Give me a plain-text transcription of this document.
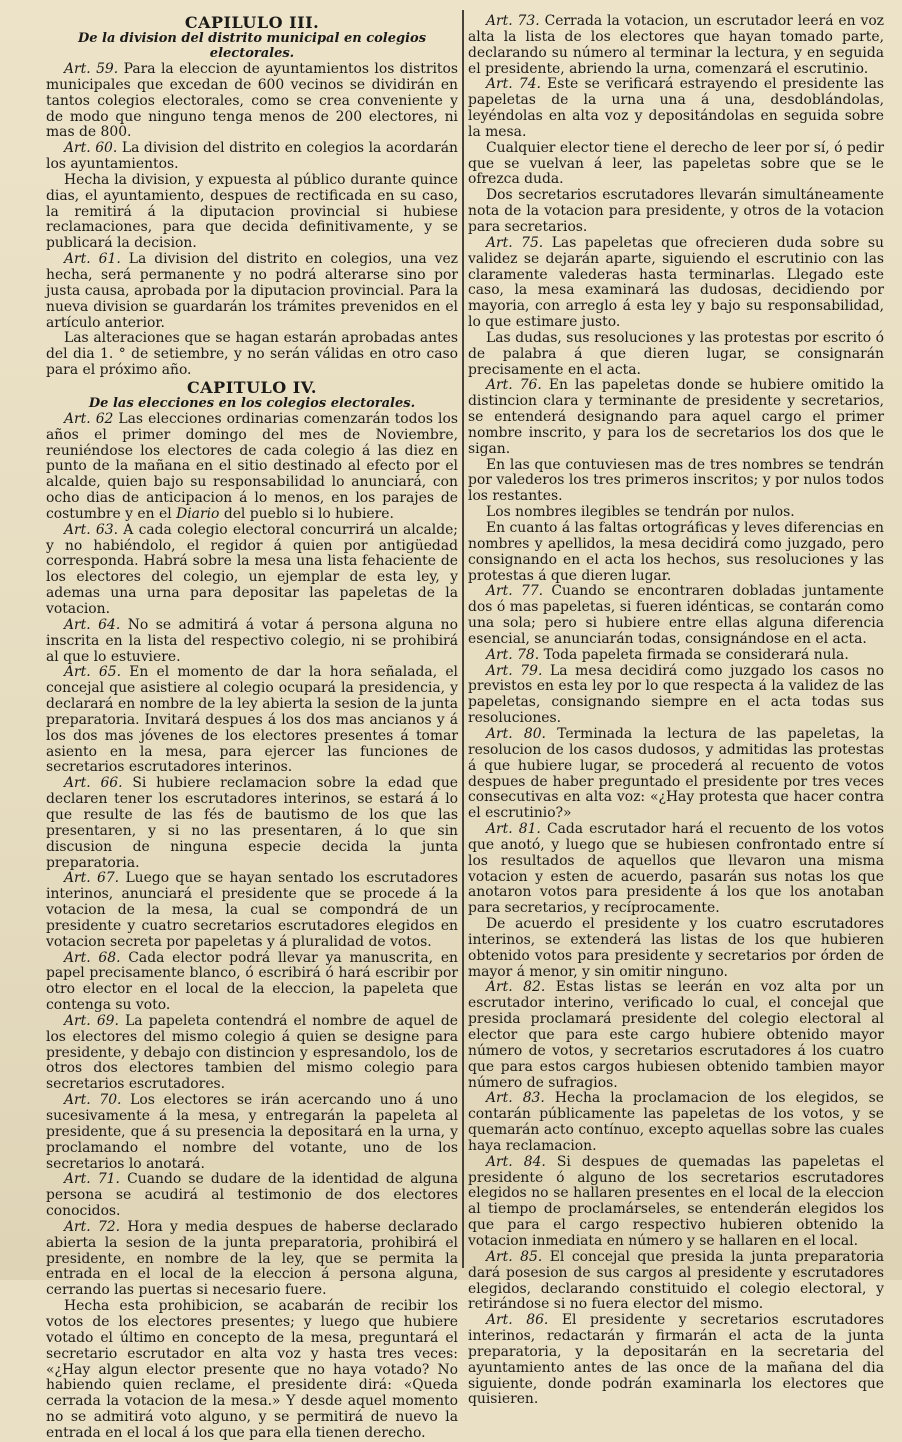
CAPILULO III.

De la division del distrito municipal en colegios electorales.

Art. 59. Para la eleccion de ayuntamientos los distritos municipales que excedan de 600 vecinos se dividirán en tantos colegios electorales, como se crea conveniente y de modo que ninguno tenga menos de 200 electores, ni mas de 800.

Art. 60. La division del distrito en colegios la acordarán los ayuntamientos.

Hecha la division, y expuesta al público durante quince dias, el ayuntamiento, despues de rectificada en su caso, la remitirá á la diputacion provincial si hubiese reclamaciones, para que decida definitivamente, y se publicará la decision.

Art. 61. La division del distrito en colegios, una vez hecha, será permanente y no podrá alterarse sino por justa causa, aprobada por la diputacion provincial. Para la nueva division se guardarán los trámites prevenidos en el artículo anterior.

Las alteraciones que se hagan estarán aprobadas antes del dia 1. ° de setiembre, y no serán válidas en otro caso para el próximo año.

CAPITULO IV.

De las elecciones en los colegios electorales.

Art. 62 Las elecciones ordinarias comenzarán todos los años el primer domingo del mes de Noviembre, reuniéndose los electores de cada colegio á las diez en punto de la mañana en el sitio destinado al efecto por el alcalde, quien bajo su responsabilidad lo anunciará, con ocho dias de anticipacion á lo menos, en los parajes de costumbre y en el Diario del pueblo si lo hubiere.

Art. 63. A cada colegio electoral concurrirá un alcalde; y no habiéndolo, el regidor á quien por antigüedad corresponda. Habrá sobre la mesa una lista fehaciente de los electores del colegio, un ejemplar de esta ley, y ademas una urna para depositar las papeletas de la votacion.

Art. 64. No se admitirá á votar á persona alguna no inscrita en la lista del respectivo colegio, ni se prohibirá al que lo estuviere.

Art. 65. En el momento de dar la hora señalada, el concejal que asistiere al colegio ocupará la presidencia, y declarará en nombre de la ley abierta la sesion de la junta preparatoria. Invitará despues á los dos mas ancianos y á los dos mas jóvenes de los electores presentes á tomar asiento en la mesa, para ejercer las funciones de secretarios escrutadores interinos.

Art. 66. Si hubiere reclamacion sobre la edad que declaren tener los escrutadores interinos, se estará á lo que resulte de las fés de bautismo de los que las presentaren, y si no las presentaren, á lo que sin discusion de ninguna especie decida la junta preparatoria.

Art. 67. Luego que se hayan sentado los escrutadores interinos, anunciará el presidente que se procede á la votacion de la mesa, la cual se compondrá de un presidente y cuatro secretarios escrutadores elegidos en votacion secreta por papeletas y á pluralidad de votos.

Art. 68. Cada elector podrá llevar ya manuscrita, en papel precisamente blanco, ó escribirá ó hará escribir por otro elector en el local de la eleccion, la papeleta que contenga su voto.

Art. 69. La papeleta contendrá el nombre de aquel de los electores del mismo colegio á quien se designe para presidente, y debajo con distincion y espresandolo, los de otros dos electores tambien del mismo colegio para secretarios escrutadores.

Art. 70. Los electores se irán acercando uno á uno sucesivamente á la mesa, y entregarán la papeleta al presidente, que á su presencia la depositará en la urna, y proclamando el nombre del votante, uno de los secretarios lo anotará.

Art. 71. Cuando se dudare de la identidad de alguna persona se acudirá al testimonio de dos electores conocidos.

Art. 72. Hora y media despues de haberse declarado abierta la sesion de la junta preparatoria, prohibirá el presidente, en nombre de la ley, que se permita la entrada en el local de la eleccion á persona alguna, cerrando las puertas si necesario fuere.

Hecha esta prohibicion, se acabarán de recibir los votos de los electores presentes; y luego que hubiere votado el último en concepto de la mesa, preguntará el secretario escrutador en alta voz y hasta tres veces: «¿Hay algun elector presente que no haya votado? No habiendo quien reclame, el presidente dirá: «Queda cerrada la votacion de la mesa.» Y desde aquel momento no se admitirá voto alguno, y se permitirá de nuevo la entrada en el local á los que para ella tienen derecho.

Art. 73. Cerrada la votacion, un escrutador leerá en voz alta la lista de los electores que hayan tomado parte, declarando su número al terminar la lectura, y en seguida el presidente, abriendo la urna, comenzará el escrutinio.

Art. 74. Este se verificará estrayendo el presidente las papeletas de la urna una á una, desdoblándolas, leyéndolas en alta voz y depositándolas en seguida sobre la mesa.

Cualquier elector tiene el derecho de leer por sí, ó pedir que se vuelvan á leer, las papeletas sobre que se le ofrezca duda.

Dos secretarios escrutadores llevarán simultáneamente nota de la votacion para presidente, y otros de la votacion para secretarios.

Art. 75. Las papeletas que ofrecieren duda sobre su validez se dejarán aparte, siguiendo el escrutinio con las claramente valederas hasta terminarlas. Llegado este caso, la mesa examinará las dudosas, decidiendo por mayoria, con arreglo á esta ley y bajo su responsabilidad, lo que estimare justo.

Las dudas, sus resoluciones y las protestas por escrito ó de palabra á que dieren lugar, se consignarán precisamente en el acta.

Art. 76. En las papeletas donde se hubiere omitido la distincion clara y terminante de presidente y secretarios, se entenderá designando para aquel cargo el primer nombre inscrito, y para los de secretarios los dos que le sigan.

En las que contuviesen mas de tres nombres se tendrán por valederos los tres primeros inscritos; y por nulos todos los restantes.

Los nombres ilegibles se tendrán por nulos.

En cuanto á las faltas ortográficas y leves diferencias en nombres y apellidos, la mesa decidirá como juzgado, pero consignando en el acta los hechos, sus resoluciones y las protestas á que dieren lugar.

Art. 77. Cuando se encontraren dobladas juntamente dos ó mas papeletas, si fueren idénticas, se contarán como una sola; pero si hubiere entre ellas alguna diferencia esencial, se anunciarán todas, consignándose en el acta.

Art. 78. Toda papeleta firmada se considerará nula.

Art. 79. La mesa decidirá como juzgado los casos no previstos en esta ley por lo que respecta á la validez de las papeletas, consignando siempre en el acta todas sus resoluciones.

Art. 80. Terminada la lectura de las papeletas, la resolucion de los casos dudosos, y admitidas las protestas á que hubiere lugar, se procederá al recuento de votos despues de haber preguntado el presidente por tres veces consecutivas en alta voz: «¿Hay protesta que hacer contra el escrutinio?»

Art. 81. Cada escrutador hará el recuento de los votos que anotó, y luego que se hubiesen confrontado entre sí los resultados de aquellos que llevaron una misma votacion y esten de acuerdo, pasarán sus notas los que anotaron votos para presidente á los que los anotaban para secretarios, y recíprocamente.

De acuerdo el presidente y los cuatro escrutadores interinos, se extenderá las listas de los que hubieren obtenido votos para presidente y secretarios por órden de mayor á menor, y sin omitir ninguno.

Art. 82. Estas listas se leerán en voz alta por un escrutador interino, verificado lo cual, el concejal que presida proclamará presidente del colegio electoral al elector que para este cargo hubiere obtenido mayor número de votos, y secretarios escrutadores á los cuatro que para estos cargos hubiesen obtenido tambien mayor número de sufragios.

Art. 83. Hecha la proclamacion de los elegidos, se contarán públicamente las papeletas de los votos, y se quemarán acto contínuo, excepto aquellas sobre las cuales haya reclamacion.

Art. 84. Si despues de quemadas las papeletas el presidente ó alguno de los secretarios escrutadores elegidos no se hallaren presentes en el local de la eleccion al tiempo de proclamárseles, se entenderán elegidos los que para el cargo respectivo hubieren obtenido la votacion inmediata en número y se hallaren en el local.

Art. 85. El concejal que presida la junta preparatoria dará posesion de sus cargos al presidente y escrutadores elegidos, declarando constituido el colegio electoral, y retirándose si no fuera elector del mismo.

Art. 86. El presidente y secretarios escrutadores interinos, redactarán y firmarán el acta de la junta preparatoria, y la depositarán en la secretaria del ayuntamiento antes de las once de la mañana del dia siguiente, donde podrán examinarla los electores que quisieren.
